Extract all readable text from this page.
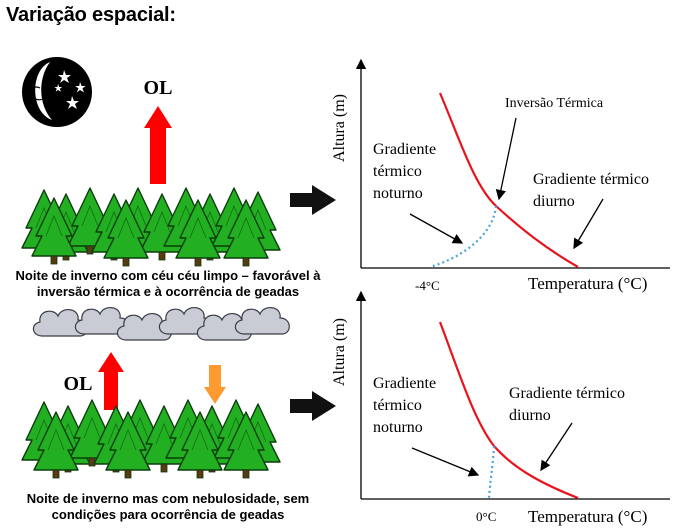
Variação espacial:
Altura (m)
Temperatura (°C)
-4°C
Inversão Térmica
Gradiente
térmico
noturno
Gradiente térmico
diurno
Altura (m)
Temperatura (°C)
0°C
Gradiente
térmico
noturno
Gradiente térmico
diurno
OL
OL
Noite de inverno com céu céu limpo – favorável à
inversão térmica e à ocorrência de geadas
Noite de inverno mas com nebulosidade, sem
condições para ocorrência de geadas
